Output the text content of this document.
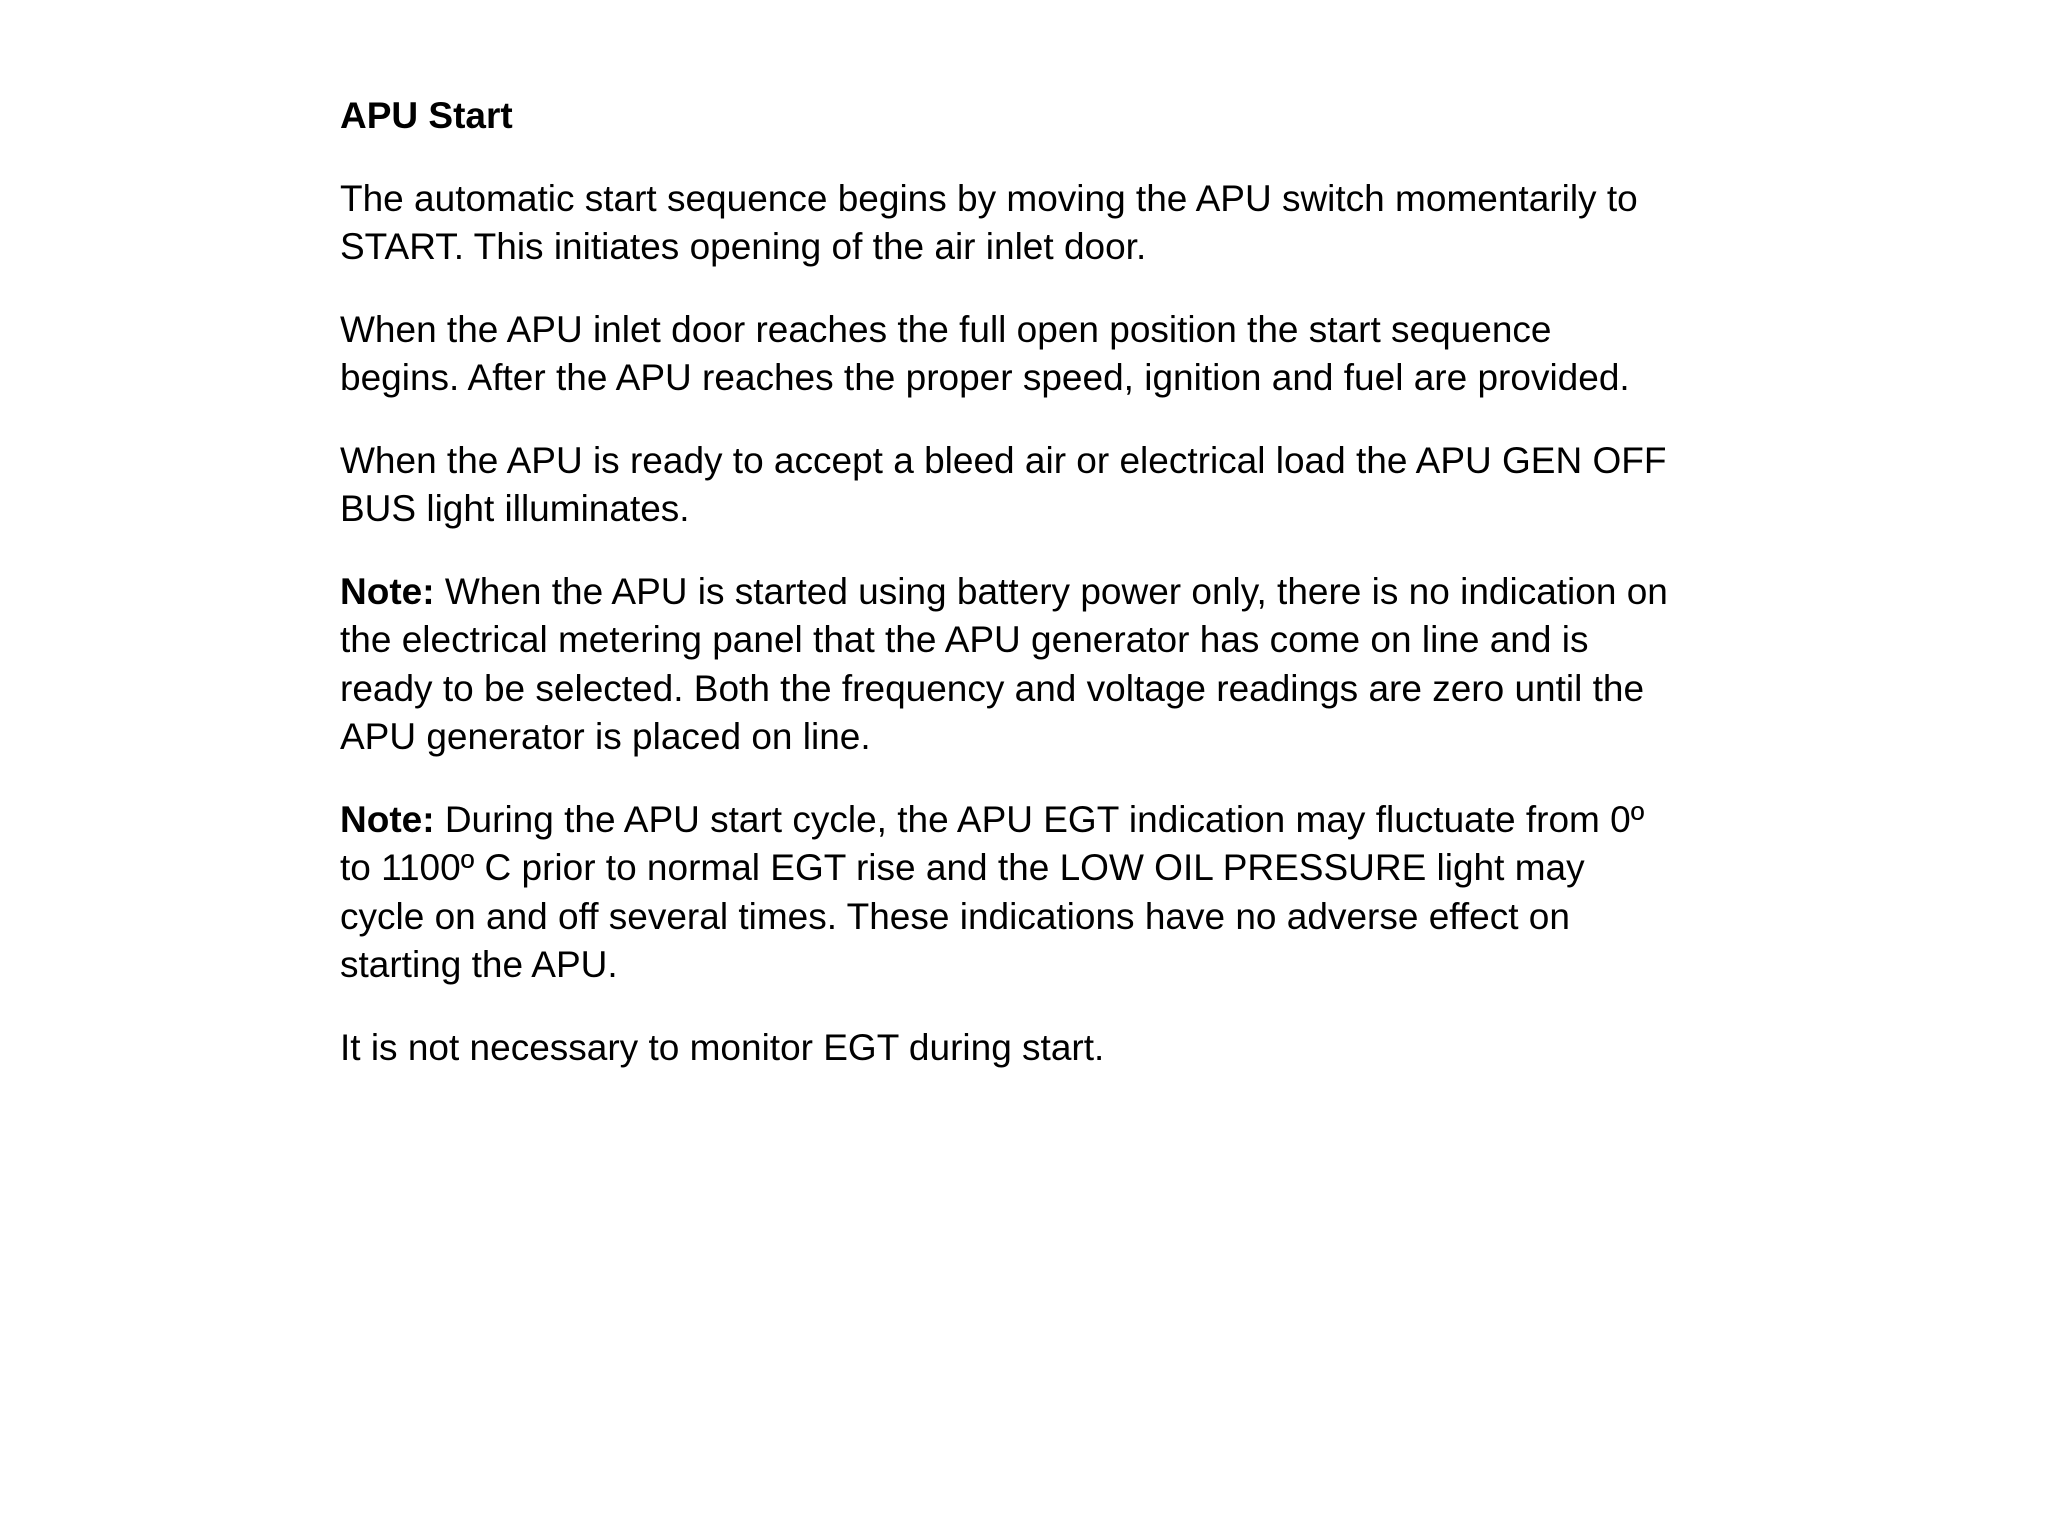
APU Start
The automatic start sequence begins by moving the APU switch momentarily to
START. This initiates opening of the air inlet door.
When the APU inlet door reaches the full open position the start sequence
begins. After the APU reaches the proper speed, ignition and fuel are provided.
When the APU is ready to accept a bleed air or electrical load the APU GEN OFF
BUS light illuminates.
Note: When the APU is started using battery power only, there is no indication on
the electrical metering panel that the APU generator has come on line and is
ready to be selected. Both the frequency and voltage readings are zero until the
APU generator is placed on line.
Note: During the APU start cycle, the APU EGT indication may fluctuate from 0º
to 1100º C prior to normal EGT rise and the LOW OIL PRESSURE light may
cycle on and off several times. These indications have no adverse effect on
starting the APU.
It is not necessary to monitor EGT during start.
